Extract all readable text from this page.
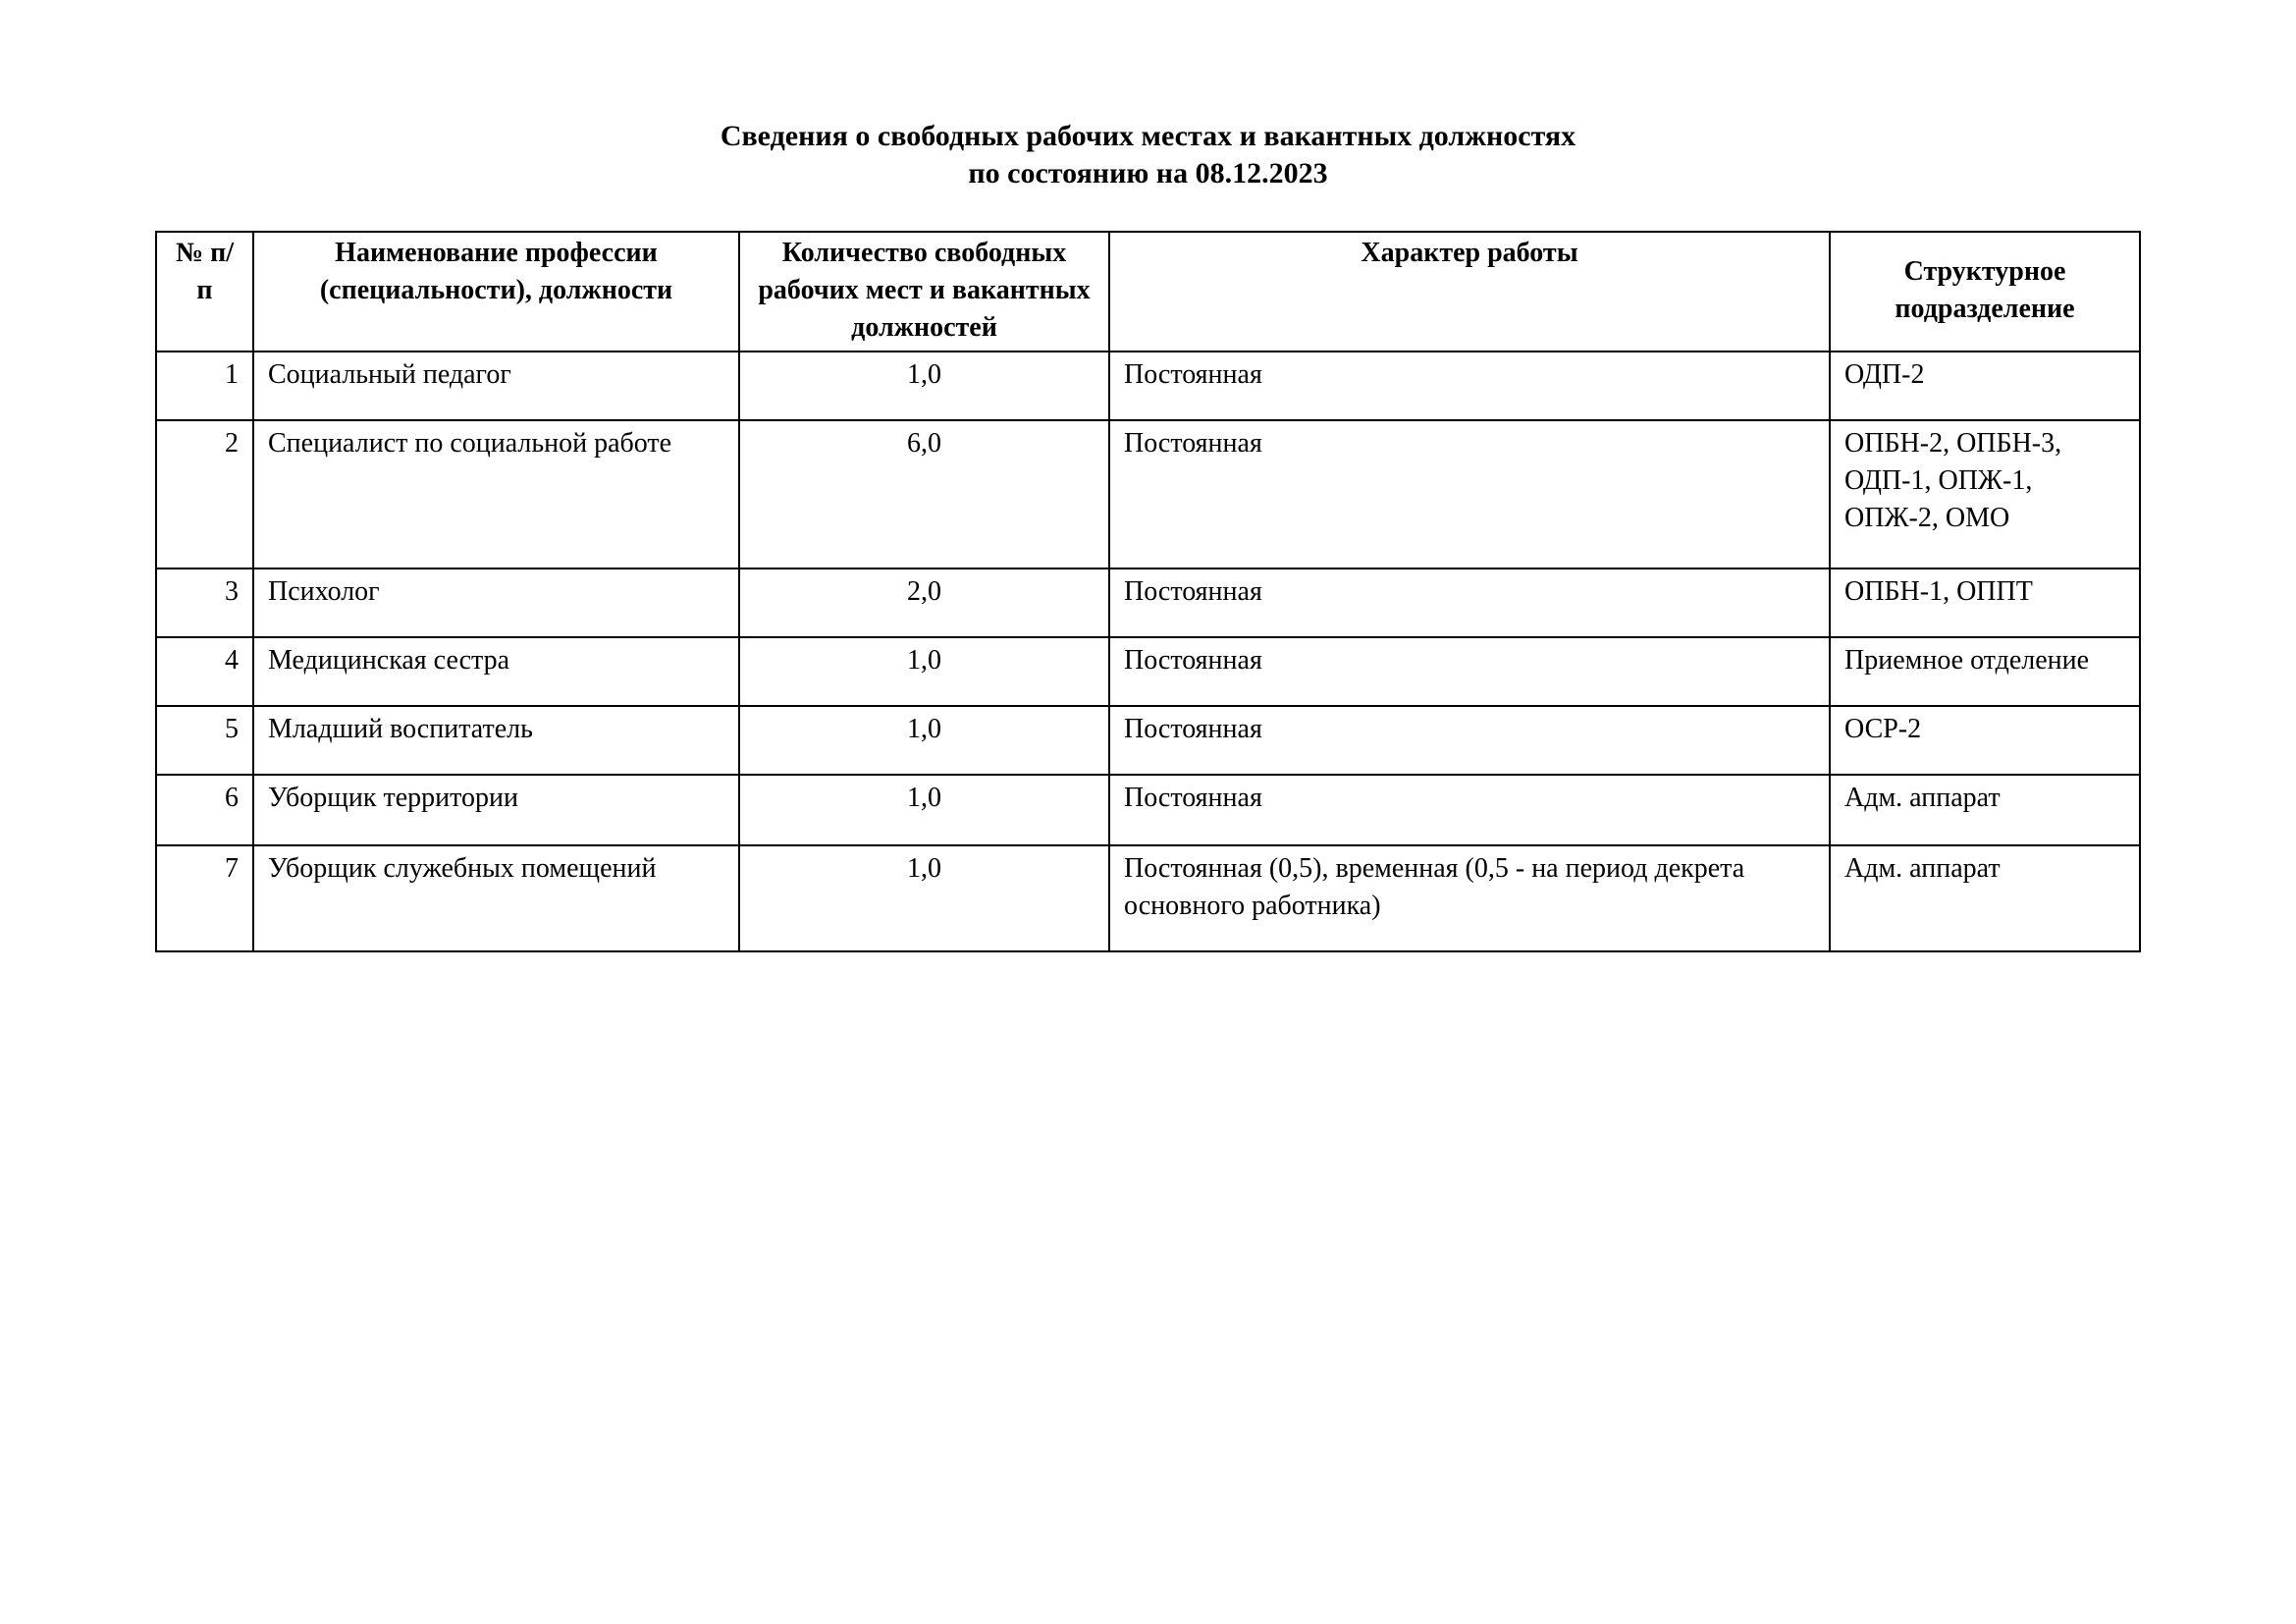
Сведения о свободных рабочих местах и вакантных должностях
по состоянию на 08.12.2023
№ п/п	Наименование профессии (специальности), должности	Количество свободных рабочих мест и вакантных должностей	Характер работы	Структурное подразделение
1	Социальный педагог	1,0	Постоянная	ОДП-2
2	Специалист по социальной работе	6,0	Постоянная	ОПБН-2, ОПБН-3, ОДП-1, ОПЖ-1, ОПЖ-2, ОМО
3	Психолог	2,0	Постоянная	ОПБН-1, ОППТ
4	Медицинская сестра	1,0	Постоянная	Приемное отделение
5	Младший воспитатель	1,0	Постоянная	ОСР-2
6	Уборщик территории	1,0	Постоянная	Адм. аппарат
7	Уборщик служебных помещений	1,0	Постоянная (0,5), временная (0,5 - на период декрета основного работника)	Адм. аппарат
